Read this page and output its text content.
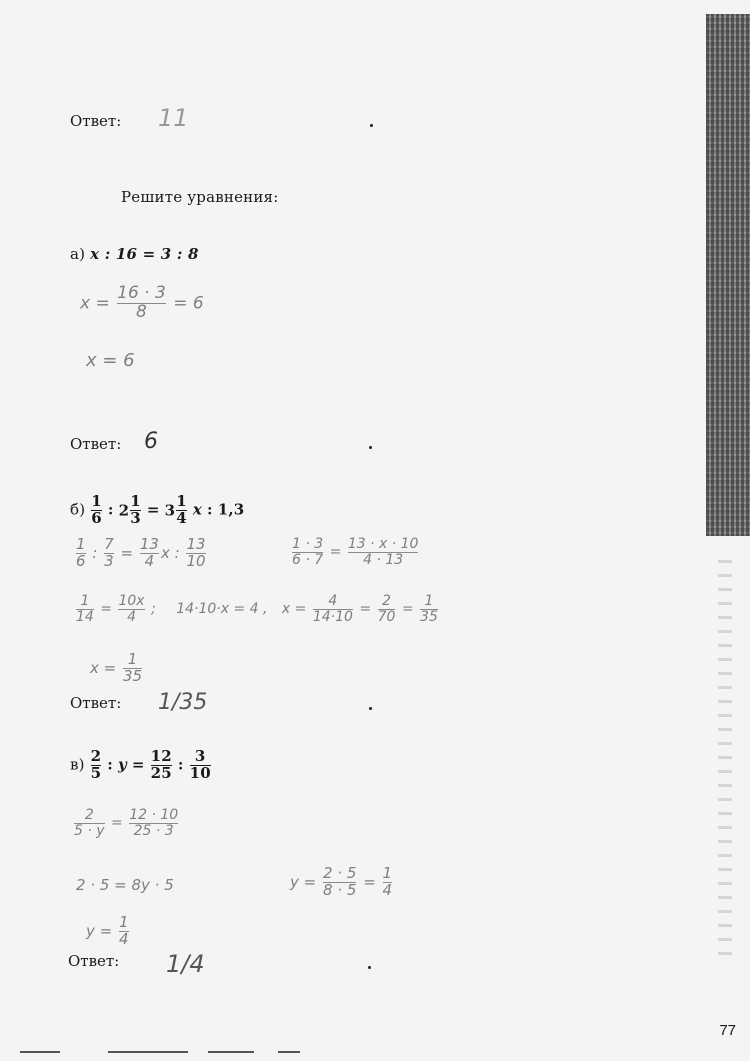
Ответ: 11
Решите уравнения:
а) x : 16 = 3 : 8
$x = \frac{16 \cdot 3}{8} = 6$
x = 6
Ответ: 6
$б) \frac{1}{6}$ : $2 \frac{1}{3} = 3 \frac{1}{4}$ x : 1,3
$\frac{1}{6}$ : $\frac{7}{3} = \frac{13}{4}$ x : $\frac{13}{10}$	$\frac{1 \cdot 3}{6 \cdot 7} = \frac{13 \cdot x \cdot 10}{4 \cdot 13}$
$\frac{1}{14} = \frac{10x}{4}$ ; 14·10·x = 4 , $x = \frac{4}{14\cdot 10} = \frac{2}{70} = \frac{1}{35}$
$x = \frac{1}{35}$
Ответ: 1/35
$в) \frac{2}{5}$ : $y = \frac{12}{25}$ : $\frac{3}{10}$
$\frac{2}{5 \cdot y} = \frac{12 \cdot 10}{25 \cdot 3}$
2 · 5 = 8y · 5	$y = \frac{2 \cdot 5}{8 \cdot 5} = \frac{1}{4}$
$y = \frac{1}{4}$
Ответ: 1/4
77
